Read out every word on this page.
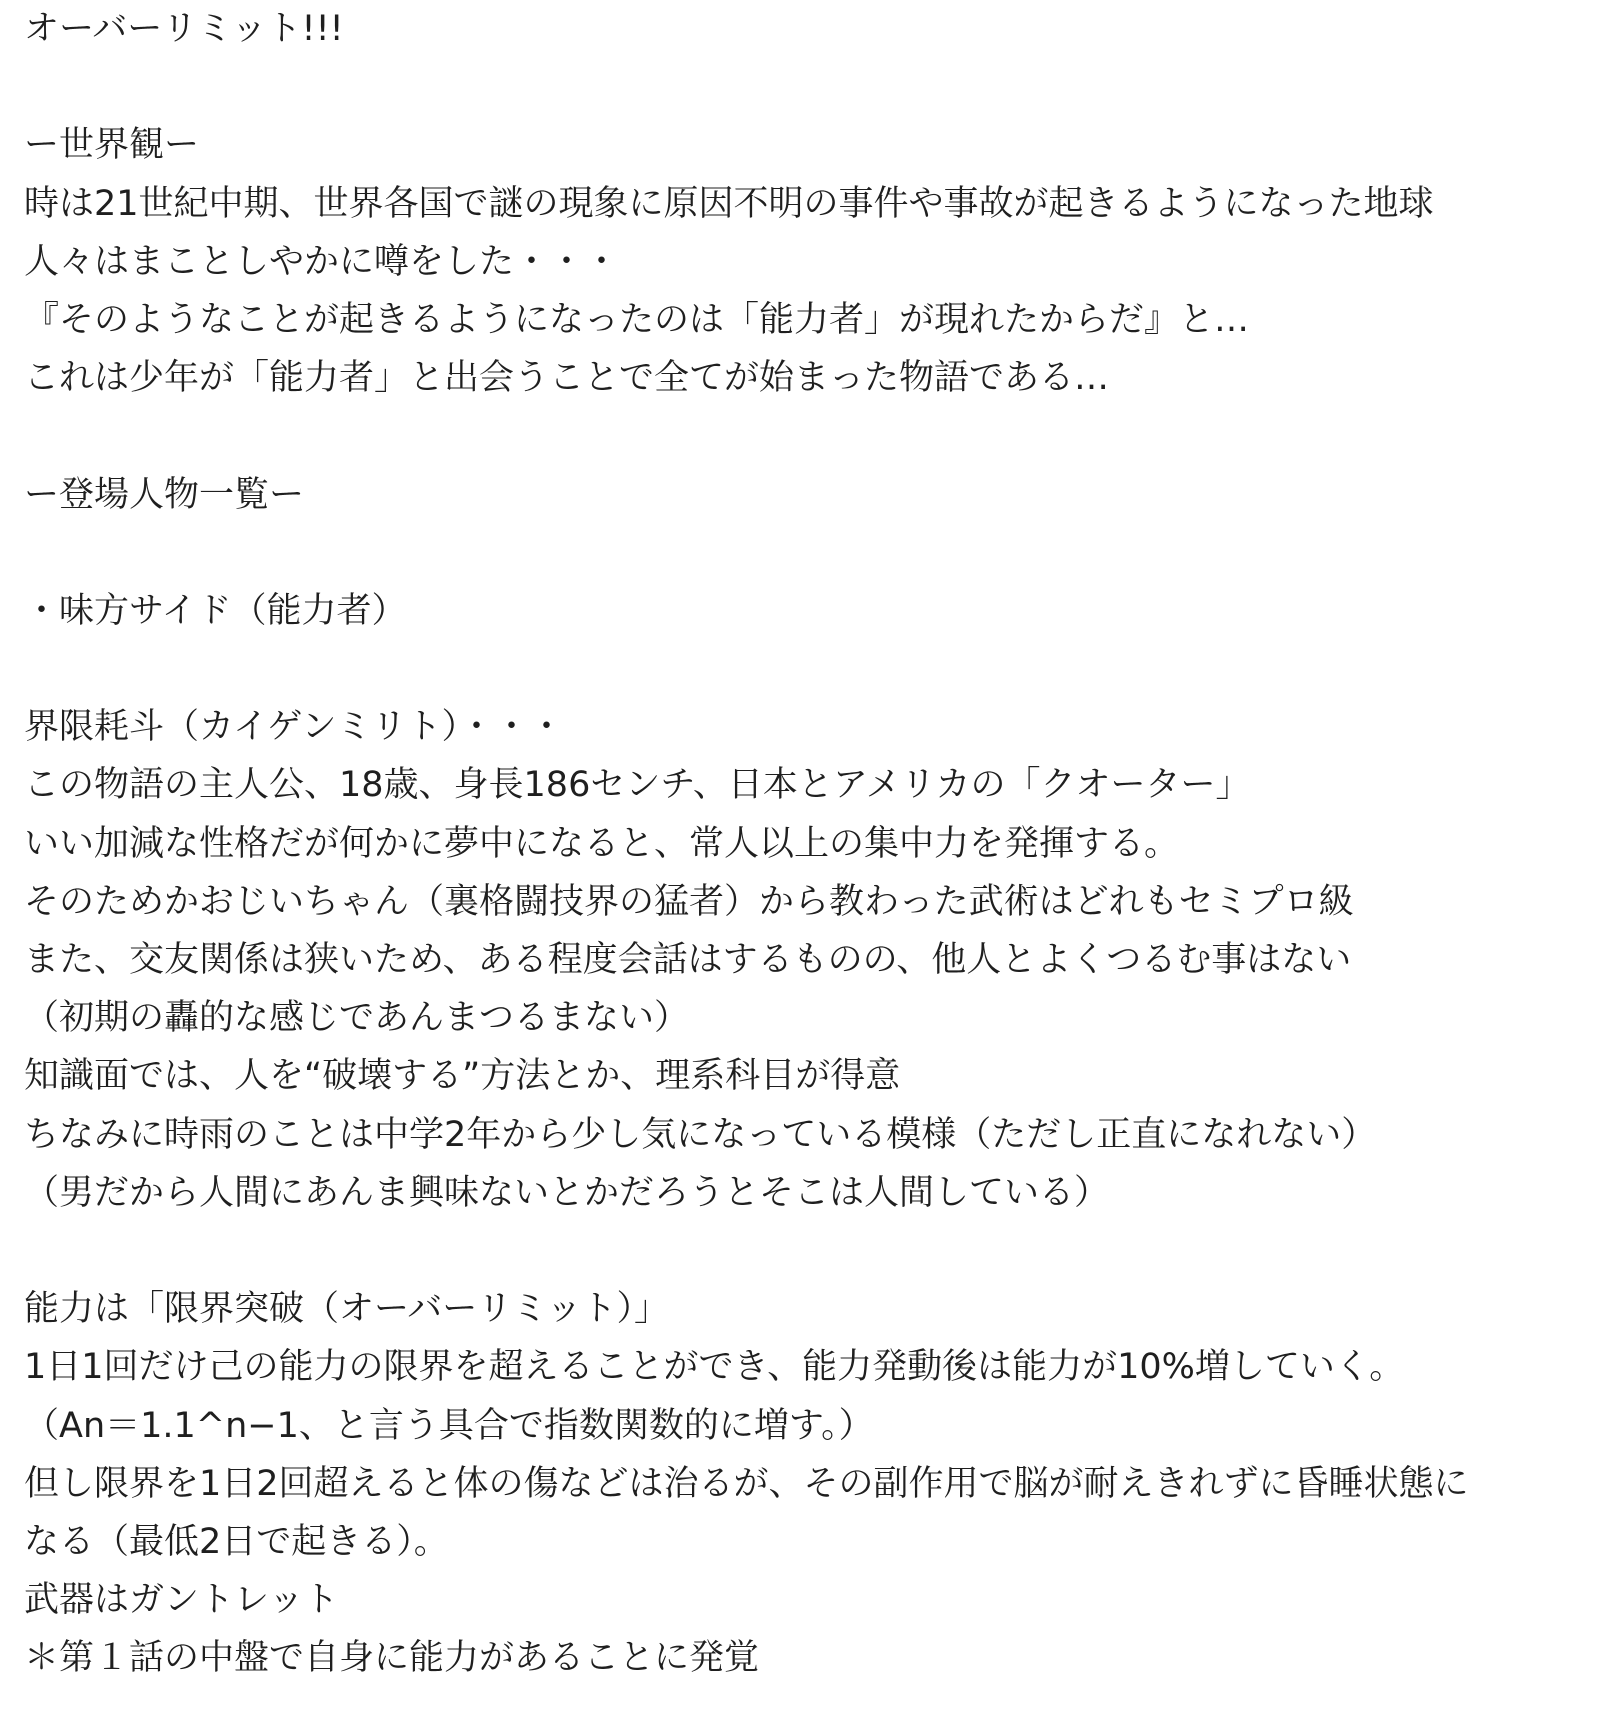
オーバーリミット!!!
ー世界観ー
時は21世紀中期、世界各国で謎の現象に原因不明の事件や事故が起きるようになった地球
人々はまことしやかに噂をした・・・
『そのようなことが起きるようになったのは「能力者」が現れたからだ』と…
これは少年が「能力者」と出会うことで全てが始まった物語である…
ー登場人物一覧ー
・味方サイド（能力者）
界限耗斗（カイゲンミリト）・・・
この物語の主人公、18歳、身長186センチ、日本とアメリカの「クオーター」
いい加減な性格だが何かに夢中になると、常人以上の集中力を発揮する。
そのためかおじいちゃん（裏格闘技界の猛者）から教わった武術はどれもセミプロ級
また、交友関係は狭いため、ある程度会話はするものの、他人とよくつるむ事はない
（初期の轟的な感じであんまつるまない）
知識面では、人を“破壊する”方法とか、理系科目が得意
ちなみに時雨のことは中学2年から少し気になっている模様（ただし正直になれない）
（男だから人間にあんま興味ないとかだろうとそこは人間している）
能力は「限界突破（オーバーリミット）」
1日1回だけ己の能力の限界を超えることができ、能力発動後は能力が10%増していく。
（An＝1.1^n−1、と言う具合で指数関数的に増す。）
但し限界を1日2回超えると体の傷などは治るが、その副作用で脳が耐えきれずに昏睡状態に
なる（最低2日で起きる）。
武器はガントレット
＊第１話の中盤で自身に能力があることに発覚
